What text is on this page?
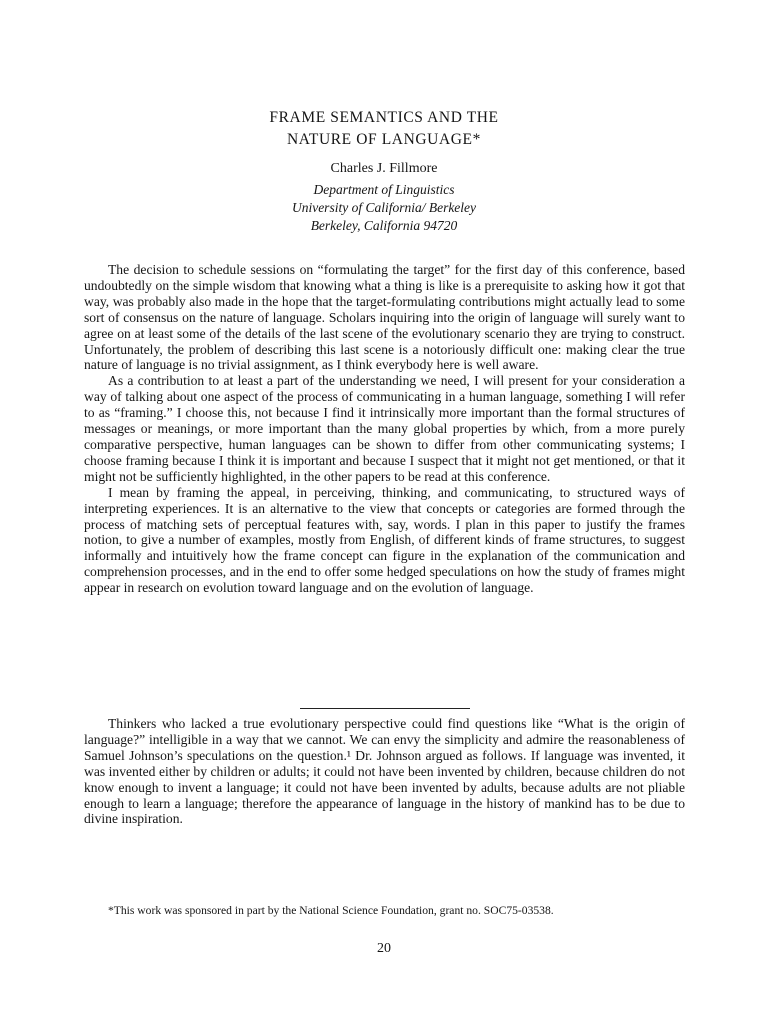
FRAME SEMANTICS AND THE
NATURE OF LANGUAGE*

Charles J. Fillmore

Department of Linguistics

University of California/ Berkeley

Berkeley, California 94720

The decision to schedule sessions on “formulating the target” for the first day of this conference, based undoubtedly on the simple wisdom that knowing what a thing is like is a prerequisite to asking how it got that way, was probably also made in the hope that the target-formulating contributions might actually lead to some sort of consensus on the nature of language. Scholars inquiring into the origin of language will surely want to agree on at least some of the details of the last scene of the evolutionary scenario they are trying to construct. Unfortunately, the problem of describing this last scene is a notoriously difficult one: making clear the true nature of language is no trivial assignment, as I think everybody here is well aware.

As a contribution to at least a part of the understanding we need, I will present for your consideration a way of talking about one aspect of the process of communicating in a human language, something I will refer to as “framing.” I choose this, not because I find it intrinsically more important than the formal structures of messages or meanings, or more important than the many global properties by which, from a more purely comparative perspective, human languages can be shown to differ from other communicating systems; I choose framing because I think it is important and because I suspect that it might not get mentioned, or that it might not be sufficiently highlighted, in the other papers to be read at this conference.

I mean by framing the appeal, in perceiving, thinking, and communicating, to structured ways of interpreting experiences. It is an alternative to the view that concepts or categories are formed through the process of matching sets of perceptual features with, say, words. I plan in this paper to justify the frames notion, to give a number of examples, mostly from English, of different kinds of frame structures, to suggest informally and intuitively how the frame concept can figure in the explanation of the communication and comprehension processes, and in the end to offer some hedged speculations on how the study of frames might appear in research on evolution toward language and on the evolution of language.

Thinkers who lacked a true evolutionary perspective could find questions like “What is the origin of language?” intelligible in a way that we cannot. We can envy the simplicity and admire the reasonableness of Samuel Johnson’s speculations on the question.¹ Dr. Johnson argued as follows. If language was invented, it was invented either by children or adults; it could not have been invented by children, because children do not know enough to invent a language; it could not have been invented by adults, because adults are not pliable enough to learn a language; therefore the appearance of language in the history of mankind has to be due to divine inspiration.

*This work was sponsored in part by the National Science Foundation, grant no. SOC75-03538.

20
